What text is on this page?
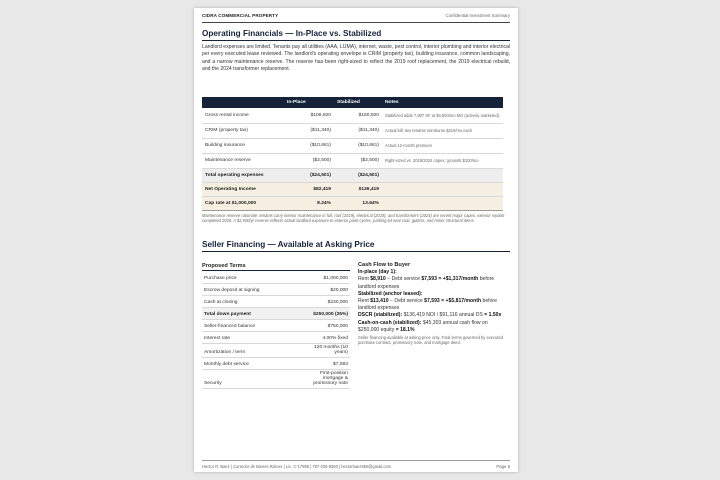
CIDRA COMMERCIAL PROPERTY	Confidential Investment Summary
Operating Financials — In-Place vs. Stabilized
Landlord expenses are limited. Tenants pay all utilities (AAA, LUMA), internet, waste, pest control, interior plumbing and interior electrical per every executed lease reviewed. The landlord's operating envelope is CRIM (property tax), building insurance, common landscaping, and a narrow maintenance reserve. The reserve has been right-sized to reflect the 2019 roof replacement, the 2019 electrical rebuild, and the 2024 transformer replacement.
	In-Place	Stabilized	Notes
Gross rental income	$106,920	$160,920	Stabilized adds 7,907 SF at $4,500/mo MG (actively marketed).
CRIM (property tax)	($11,340)	($11,340)	Actual bill; two tenants reimburse $210/mo each
Building insurance	($10,661)	($10,661)	Actual 12-month premium
Maintenance reserve	($2,500)	($2,500)	Right-sized vs. 2019/2024 capex; grounds $100/mo
Total operating expenses	($24,501)	($24,501)	
Net Operating Income	$82,419	$136,419	
Cap rate at $1,000,000	8.24%	13.64%	
Maintenance reserve rationale: tenants carry interior maintenance in full; roof (2019), electrical (2019), and transformers (2024) are recent major capex; exterior repaint completed 2025. A $2,500/yr reserve reflects actual landlord exposure to exterior paint cycles, parking lot seal coat, gutters, and minor structural items.
Seller Financing — Available at Asking Price
Proposed Terms
Purchase price	$1,000,000
Escrow deposit at signing	$20,000
Cash at closing	$230,000
Total down payment	$250,000 (25%)
Seller-financed balance	$750,000
Interest rate	4.00% fixed
Amortization / term	120 months (10 years)
Monthly debt service	$7,593
Security	First-position mortgage & promissory note
Cash Flow to Buyer
In-place (day 1):
Rent $8,910 − Debt service $7,593 = +$1,317/month before landlord expenses
Stabilized (anchor leased):
Rent $13,410 − Debt service $7,593 = +$5,817/month before landlord expenses
DSCR (stabilized): $136,419 NOI / $91,116 annual DS = 1.50x
Cash-on-cash (stabilized): $45,303 annual cash flow on $250,000 equity = 18.1%
Seller financing available at asking price only. Final terms governed by executed purchase contract, promissory note, and mortgage deed.
Hector R. Baez | Corredor de Bienes Raíces | Lic. C-17995 | 787-206-9360 | hectorbaez860@gmail.com	Page 5
